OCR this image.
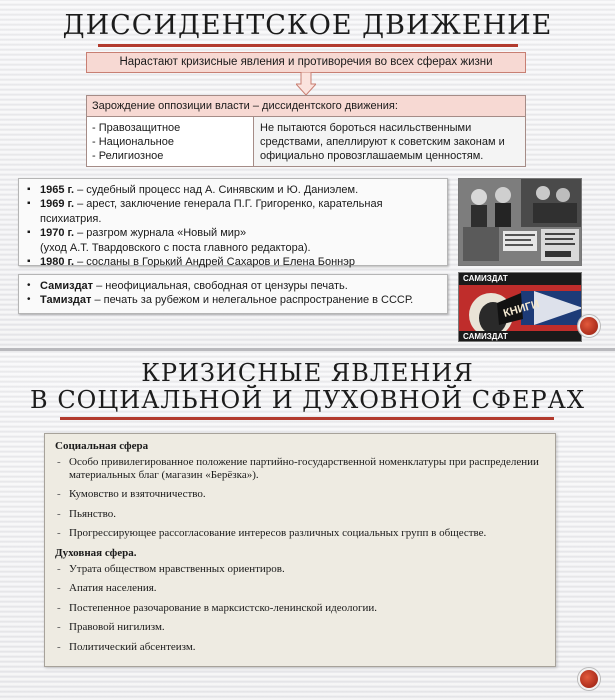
ДИССИДЕНТСКОЕ ДВИЖЕНИЕ
Нарастают кризисные явления и противоречия во всех сферах жизни
Зарождение оппозиции власти – диссидентского движения:
- Правозащитное
- Национальное
- Религиозное
Не пытаются бороться насильственными средствами, апеллируют к советским законам и официально провозглашаемым ценностям.
▪ 1965 г. – судебный процесс над А. Синявским и Ю. Даниэлем.
▪ 1969 г. – арест, заключение генерала П.Г. Григоренко, карательная психиатрия.
▪ 1970 г. – разгром журнала «Новый мир»
(уход А.Т. Твардовского с поста главного редактора).
▪ 1980 г. – сосланы в Горький Андрей Сахаров и Елена Боннэр
• Самиздат – неофициальная, свободная от цензуры печать.
• Тамиздат – печать за рубежом и нелегальное распространение в СССР.
САМИЗДАТ
КНИГИ
САМИЗДАТ
КРИЗИСНЫЕ ЯВЛЕНИЯ
В СОЦИАЛЬНОЙ И ДУХОВНОЙ СФЕРАХ
Социальная сфера
- Особо привилегированное положение партийно-государственной номенклатуры при распределении материальных благ (магазин «Берёзка»).
- Кумовство и взяточничество.
- Пьянство.
- Прогрессирующее рассогласование интересов различных социальных групп в обществе.
Духовная сфера.
- Утрата обществом нравственных ориентиров.
- Апатия населения.
- Постепенное разочарование в марксистско-ленинской идеологии.
- Правовой нигилизм.
- Политический абсентеизм.
